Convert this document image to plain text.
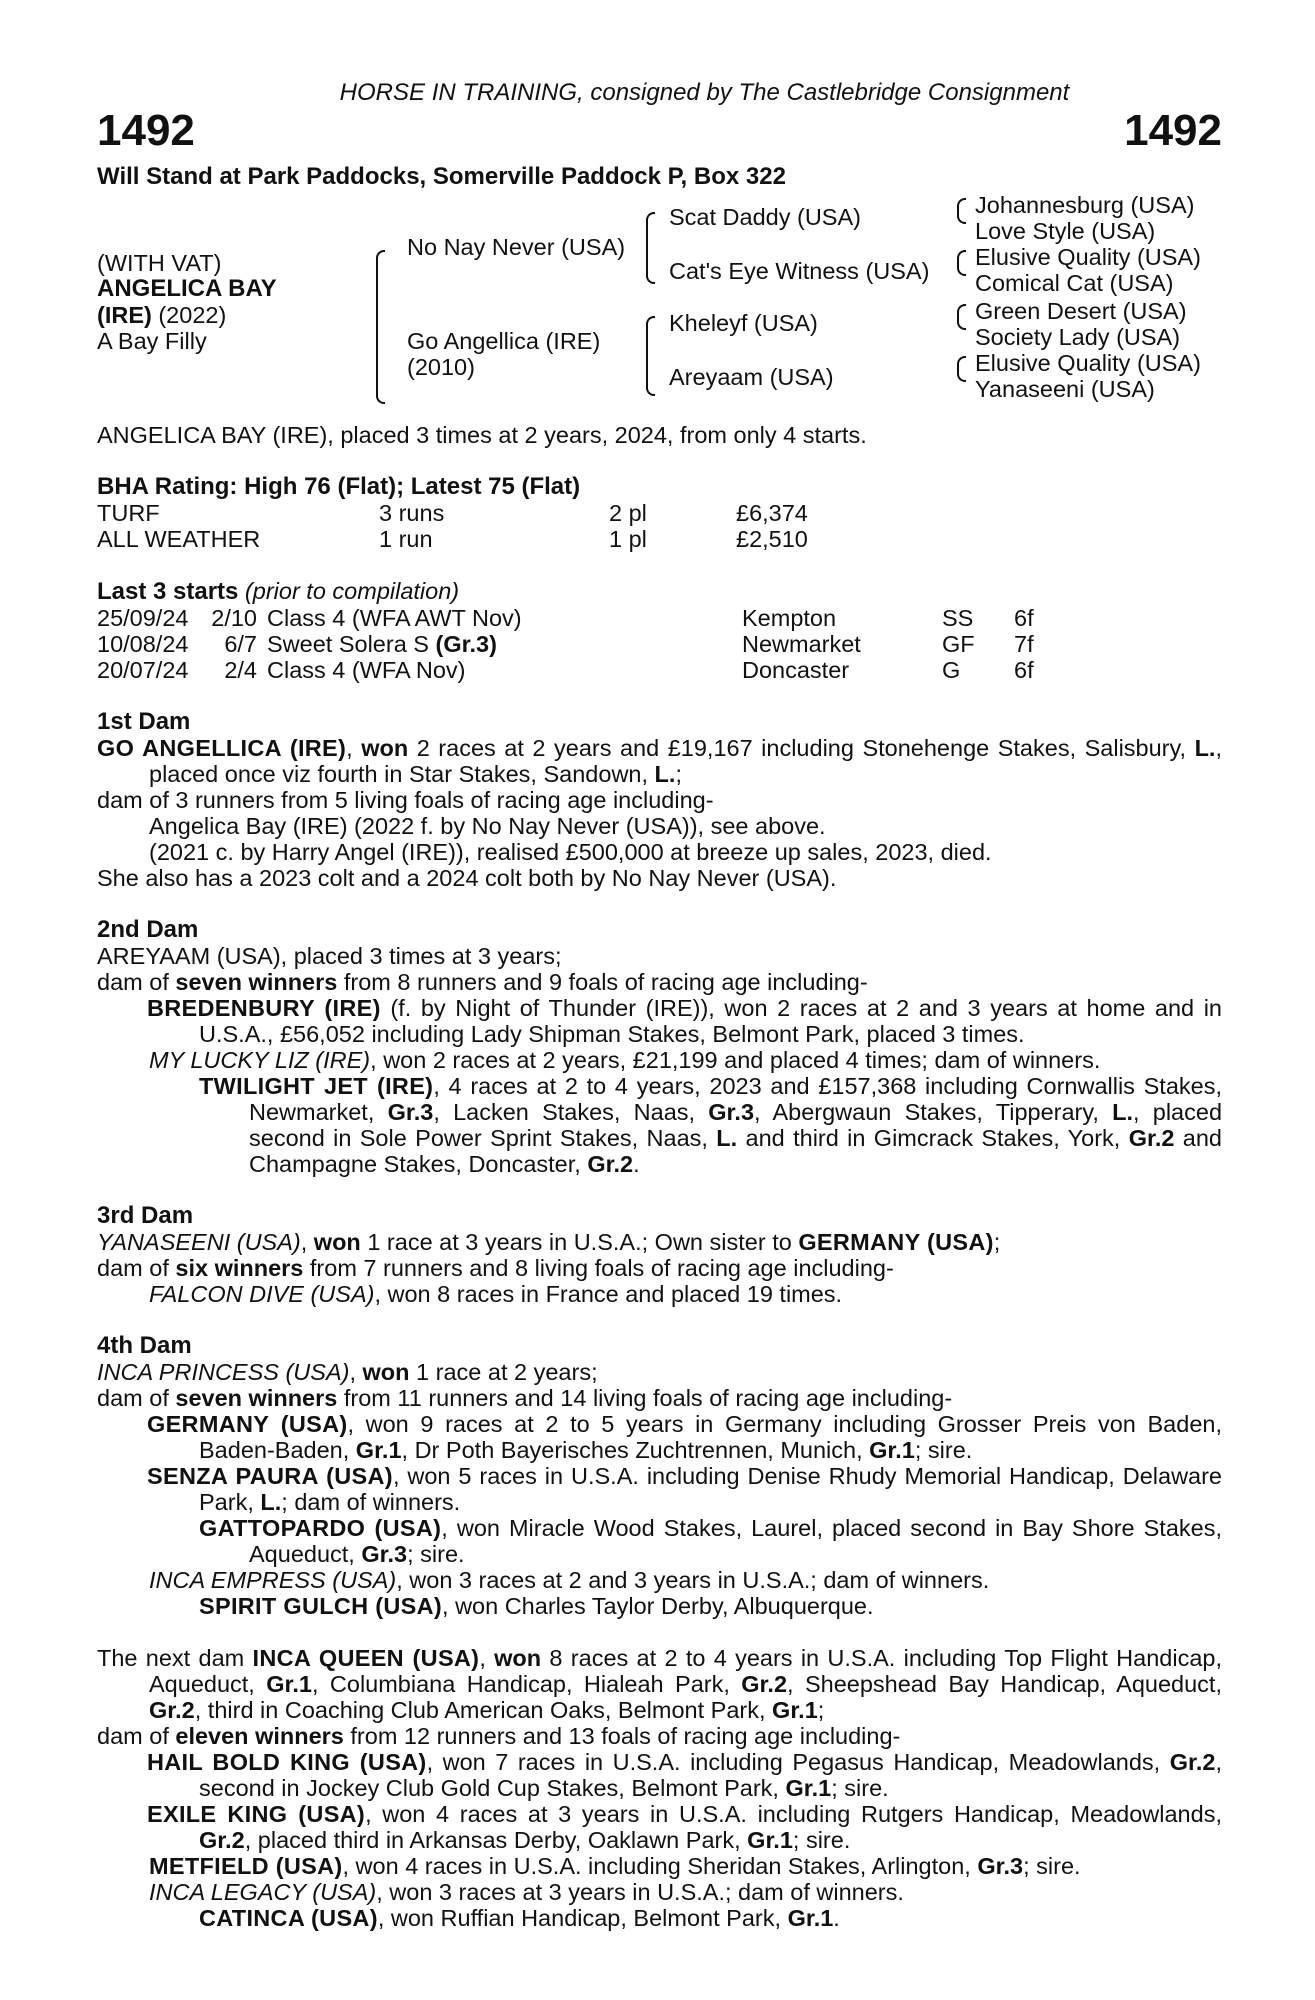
HORSE IN TRAINING, consigned by The Castlebridge Consignment
1492	1492
Will Stand at Park Paddocks, Somerville Paddock P, Box 322
(WITH VAT)
ANGELICA BAY
(IRE) (2022)
A Bay Filly
No Nay Never (USA)
Go Angellica (IRE)
(2010)
Scat Daddy (USA)
Cat's Eye Witness (USA)
Kheleyf (USA)
Areyaam (USA)
Johannesburg (USA)
Love Style (USA)
Elusive Quality (USA)
Comical Cat (USA)
Green Desert (USA)
Society Lady (USA)
Elusive Quality (USA)
Yanaseeni (USA)
ANGELICA BAY (IRE), placed 3 times at 2 years, 2024, from only 4 starts.
BHA Rating: High 76 (Flat); Latest 75 (Flat)
TURF	3 runs	2 pl	£6,374
ALL WEATHER	1 run	1 pl	£2,510
Last 3 starts (prior to compilation)
25/09/24	2/10	Class 4 (WFA AWT Nov)	Kempton	SS	6f
10/08/24	6/7	Sweet Solera S (Gr.3)	Newmarket	GF	7f
20/07/24	2/4	Class 4 (WFA Nov)	Doncaster	G	6f
1st Dam
GO ANGELLICA (IRE), won 2 races at 2 years and £19,167 including Stonehenge Stakes, Salisbury, L., placed once viz fourth in Star Stakes, Sandown, L.;
dam of 3 runners from 5 living foals of racing age including-
Angelica Bay (IRE) (2022 f. by No Nay Never (USA)), see above.
(2021 c. by Harry Angel (IRE)), realised £500,000 at breeze up sales, 2023, died.
She also has a 2023 colt and a 2024 colt both by No Nay Never (USA).
2nd Dam
AREYAAM (USA), placed 3 times at 3 years;
dam of seven winners from 8 runners and 9 foals of racing age including-
BREDENBURY (IRE) (f. by Night of Thunder (IRE)), won 2 races at 2 and 3 years at home and in U.S.A., £56,052 including Lady Shipman Stakes, Belmont Park, placed 3 times.
MY LUCKY LIZ (IRE), won 2 races at 2 years, £21,199 and placed 4 times; dam of winners.
TWILIGHT JET (IRE), 4 races at 2 to 4 years, 2023 and £157,368 including Cornwallis Stakes, Newmarket, Gr.3, Lacken Stakes, Naas, Gr.3, Abergwaun Stakes, Tipperary, L., placed second in Sole Power Sprint Stakes, Naas, L. and third in Gimcrack Stakes, York, Gr.2 and Champagne Stakes, Doncaster, Gr.2.
3rd Dam
YANASEENI (USA), won 1 race at 3 years in U.S.A.; Own sister to GERMANY (USA);
dam of six winners from 7 runners and 8 living foals of racing age including-
FALCON DIVE (USA), won 8 races in France and placed 19 times.
4th Dam
INCA PRINCESS (USA), won 1 race at 2 years;
dam of seven winners from 11 runners and 14 living foals of racing age including-
GERMANY (USA), won 9 races at 2 to 5 years in Germany including Grosser Preis von Baden, Baden-Baden, Gr.1, Dr Poth Bayerisches Zuchtrennen, Munich, Gr.1; sire.
SENZA PAURA (USA), won 5 races in U.S.A. including Denise Rhudy Memorial Handicap, Delaware Park, L.; dam of winners.
GATTOPARDO (USA), won Miracle Wood Stakes, Laurel, placed second in Bay Shore Stakes, Aqueduct, Gr.3; sire.
INCA EMPRESS (USA), won 3 races at 2 and 3 years in U.S.A.; dam of winners.
SPIRIT GULCH (USA), won Charles Taylor Derby, Albuquerque.
The next dam INCA QUEEN (USA), won 8 races at 2 to 4 years in U.S.A. including Top Flight Handicap, Aqueduct, Gr.1, Columbiana Handicap, Hialeah Park, Gr.2, Sheepshead Bay Handicap, Aqueduct, Gr.2, third in Coaching Club American Oaks, Belmont Park, Gr.1;
dam of eleven winners from 12 runners and 13 foals of racing age including-
HAIL BOLD KING (USA), won 7 races in U.S.A. including Pegasus Handicap, Meadowlands, Gr.2, second in Jockey Club Gold Cup Stakes, Belmont Park, Gr.1; sire.
EXILE KING (USA), won 4 races at 3 years in U.S.A. including Rutgers Handicap, Meadowlands, Gr.2, placed third in Arkansas Derby, Oaklawn Park, Gr.1; sire.
METFIELD (USA), won 4 races in U.S.A. including Sheridan Stakes, Arlington, Gr.3; sire.
INCA LEGACY (USA), won 3 races at 3 years in U.S.A.; dam of winners.
CATINCA (USA), won Ruffian Handicap, Belmont Park, Gr.1.
